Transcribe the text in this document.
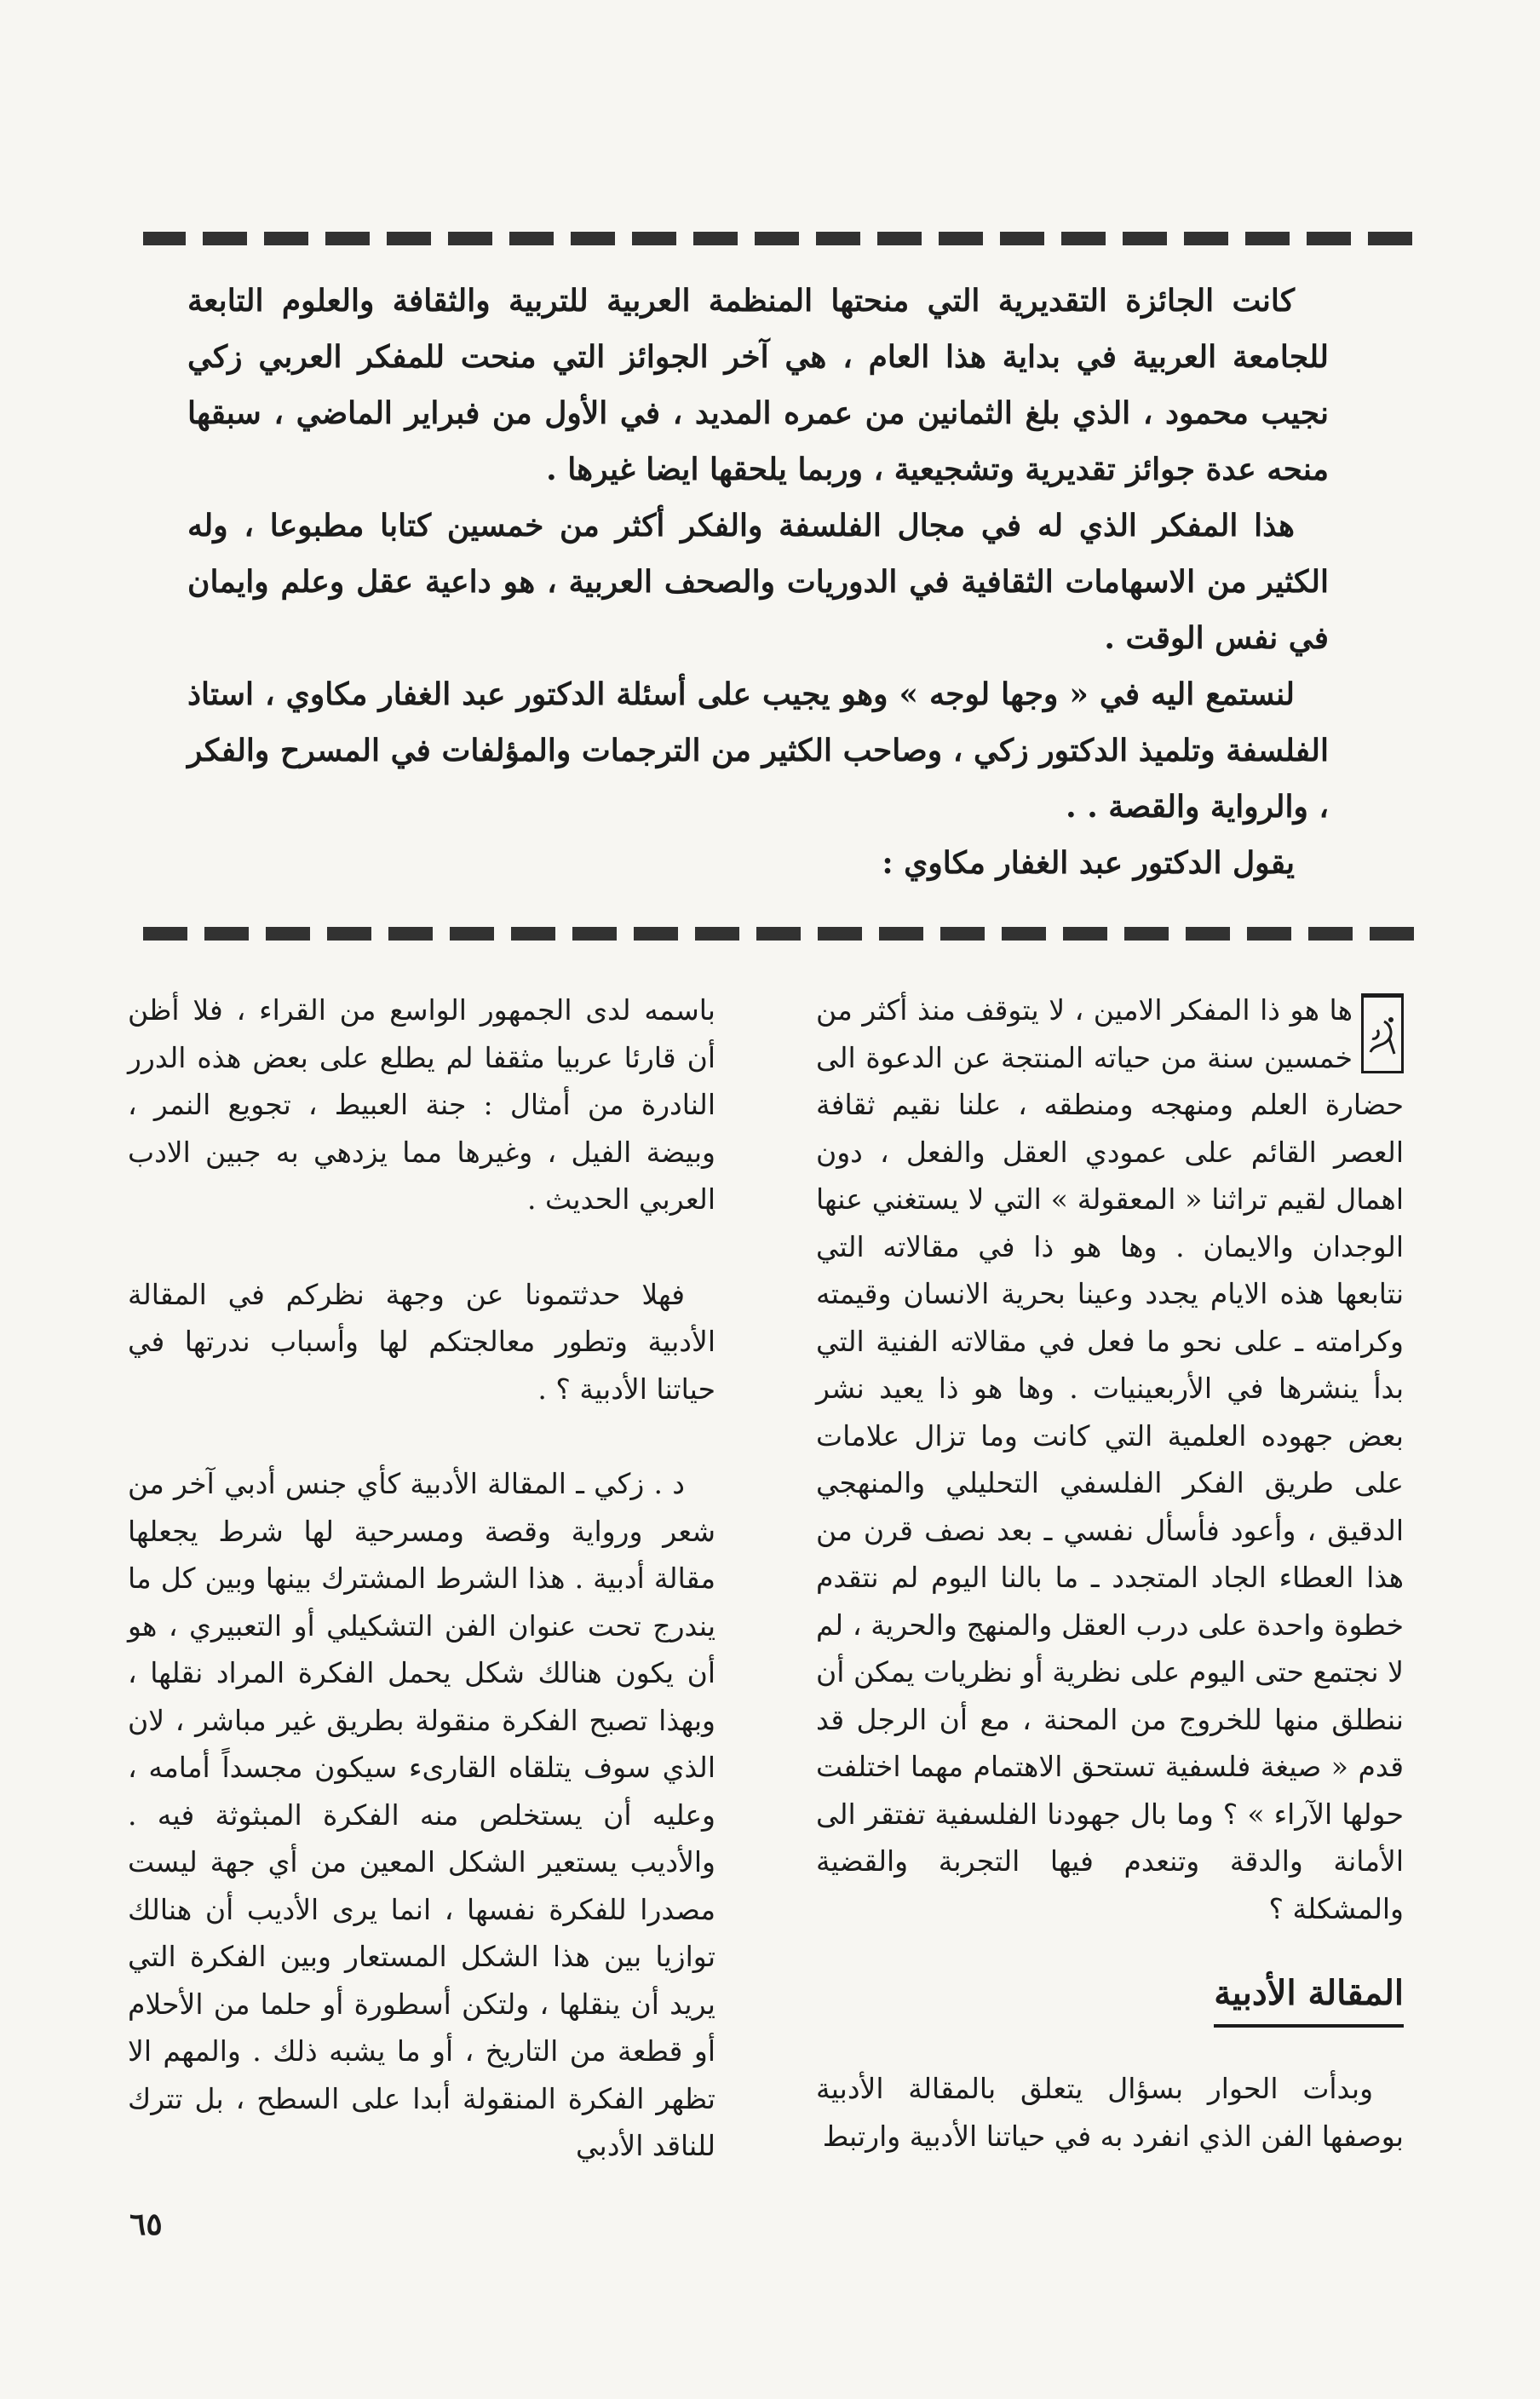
كانت الجائزة التقديرية التي منحتها المنظمة العربية للتربية والثقافة والعلوم التابعة للجامعة العربية في بداية هذا العام ، هي آخر الجوائز التي منحت للمفكر العربي زكي نجيب محمود ، الذي بلغ الثمانين من عمره المديد ، في الأول من فبراير الماضي ، سبقها منحه عدة جوائز تقديرية وتشجيعية ، وربما يلحقها ايضا غيرها .

هذا المفكر الذي له في مجال الفلسفة والفكر أكثر من خمسين كتابا مطبوعا ، وله الكثير من الاسهامات الثقافية في الدوريات والصحف العربية ، هو داعية عقل وعلم وايمان في نفس الوقت .

لنستمع اليه في « وجها لوجه » وهو يجيب على أسئلة الدكتور عبد الغفار مكاوي ، استاذ الفلسفة وتلميذ الدكتور زكي ، وصاحب الكثير من الترجمات والمؤلفات في المسرح والفكر ، والرواية والقصة . .

يقول الدكتور عبد الغفار مكاوي :

ها هو ذا المفكر الامين ، لا يتوقف منذ أكثر من خمسين سنة من حياته المنتجة عن الدعوة الى حضارة العلم ومنهجه ومنطقه ، علنا نقيم ثقافة العصر القائم على عمودي العقل والفعل ، دون اهمال لقيم تراثنا « المعقولة » التي لا يستغني عنها الوجدان والايمان . وها هو ذا في مقالاته التي نتابعها هذه الايام يجدد وعينا بحرية الانسان وقيمته وكرامته ـ على نحو ما فعل في مقالاته الفنية التي بدأ ينشرها في الأربعينيات . وها هو ذا يعيد نشر بعض جهوده العلمية التي كانت وما تزال علامات على طريق الفكر الفلسفي التحليلي والمنهجي الدقيق ، وأعود فأسأل نفسي ـ بعد نصف قرن من هذا العطاء الجاد المتجدد ـ ما بالنا اليوم لم نتقدم خطوة واحدة على درب العقل والمنهج والحرية ، لم لا نجتمع حتى اليوم على نظرية أو نظريات يمكن أن ننطلق منها للخروج من المحنة ، مع أن الرجل قد قدم « صيغة فلسفية تستحق الاهتمام مهما اختلفت حولها الآراء » ؟ وما بال جهودنا الفلسفية تفتقر الى الأمانة والدقة وتنعدم فيها التجربة والقضية والمشكلة ؟

المقالة الأدبية

وبدأت الحوار بسؤال يتعلق بالمقالة الأدبية بوصفها الفن الذي انفرد به في حياتنا الأدبية وارتبط

باسمه لدى الجمهور الواسع من القراء ، فلا أظن أن قارئا عربيا مثقفا لم يطلع على بعض هذه الدرر النادرة من أمثال : جنة العبيط ، تجويع النمر ، وبيضة الفيل ، وغيرها مما يزدهي به جبين الادب العربي الحديث .

فهلا حدثتمونا عن وجهة نظركم في المقالة الأدبية وتطور معالجتكم لها وأسباب ندرتها في حياتنا الأدبية ؟ .

د . زكي ـ المقالة الأدبية كأي جنس أدبي آخر من شعر ورواية وقصة ومسرحية لها شرط يجعلها مقالة أدبية . هذا الشرط المشترك بينها وبين كل ما يندرج تحت عنوان الفن التشكيلي أو التعبيري ، هو أن يكون هنالك شكل يحمل الفكرة المراد نقلها ، وبهذا تصبح الفكرة منقولة بطريق غير مباشر ، لان الذي سوف يتلقاه القارىء سيكون مجسداً أمامه ، وعليه أن يستخلص منه الفكرة المبثوثة فيه . والأديب يستعير الشكل المعين من أي جهة ليست مصدرا للفكرة نفسها ، انما يرى الأديب أن هنالك توازيا بين هذا الشكل المستعار وبين الفكرة التي يريد أن ينقلها ، ولتكن أسطورة أو حلما من الأحلام أو قطعة من التاريخ ، أو ما يشبه ذلك . والمهم الا تظهر الفكرة المنقولة أبدا على السطح ، بل تترك للناقد الأدبي

٦٥
